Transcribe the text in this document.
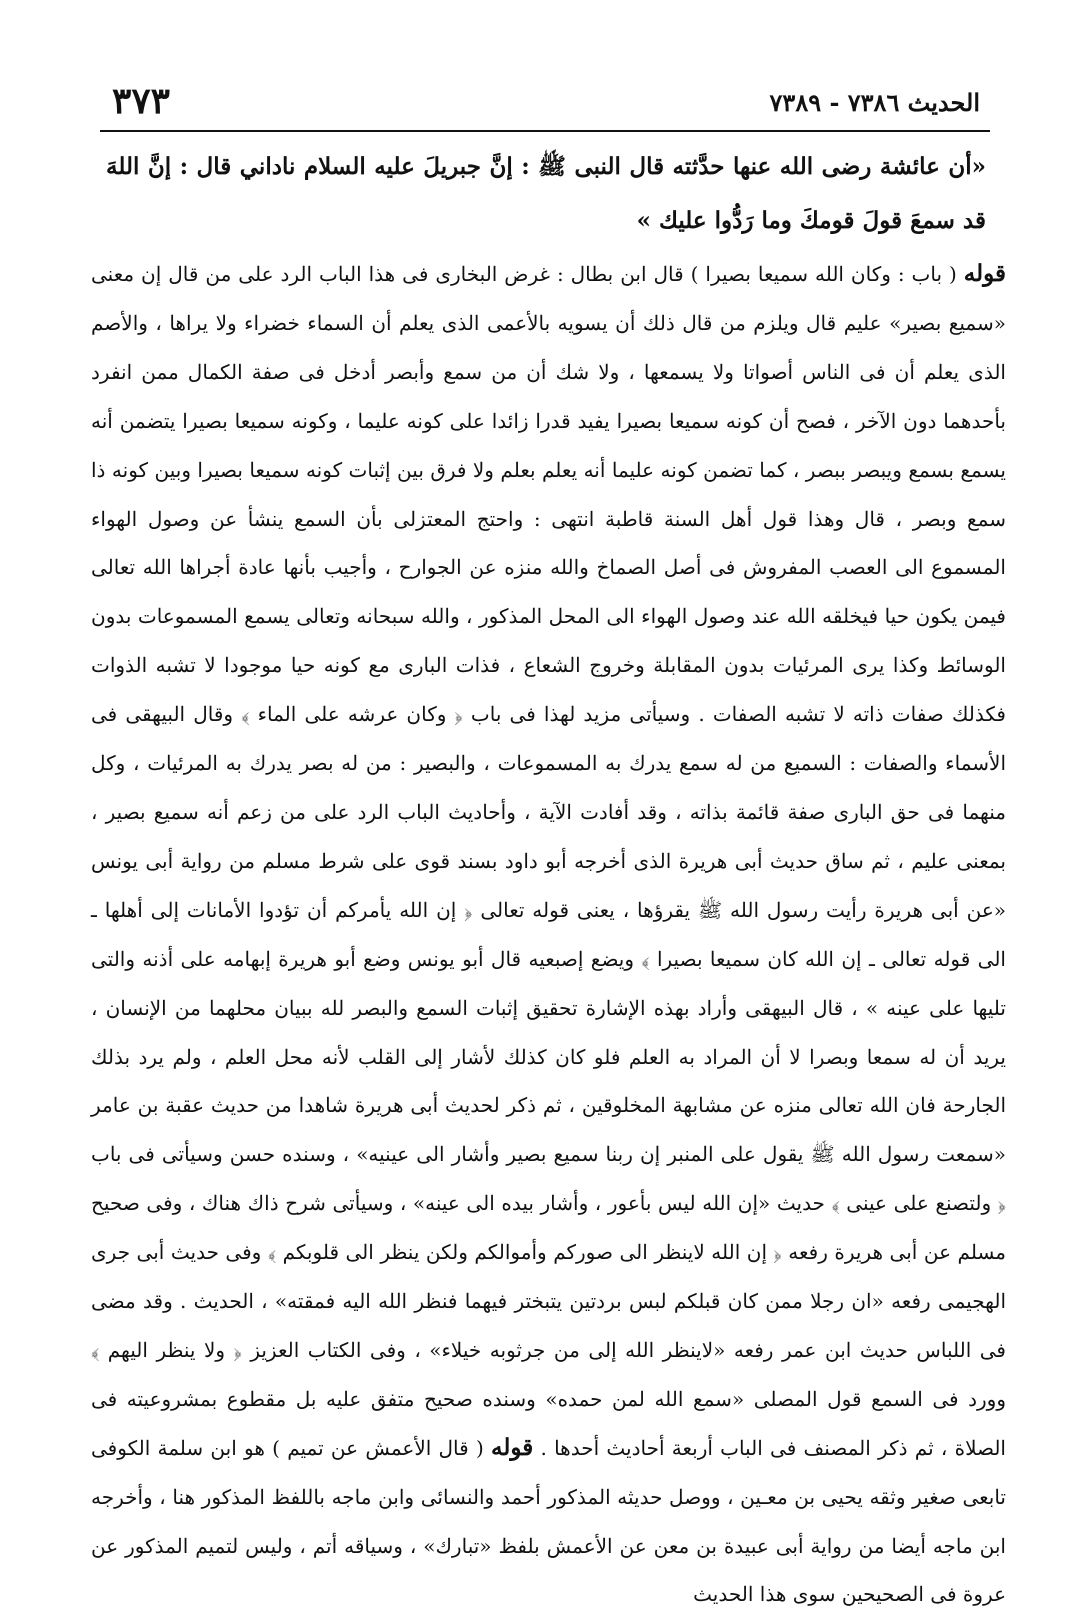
الحديث ٧٣٨٦ - ٧٣٨٩
٣٧٣
«أن عائشة رضى الله عنها حدَّثته قال النبى ﷺ : إنَّ جبريلَ عليه السلام ناداني قال : إنَّ اللهَ قد سمعَ قولَ قومكَ وما رَدُّوا عليك »

قوله ( باب : وكان الله سميعا بصيرا ) قال ابن بطال : غرض البخارى فى هذا الباب الرد على من قال إن معنى «سميع بصير» عليم قال ويلزم من قال ذلك أن يسويه بالأعمى الذى يعلم أن السماء خضراء ولا يراها ، والأصم الذى يعلم أن فى الناس أصواتا ولا يسمعها ، ولا شك أن من سمع وأبصر أدخل فى صفة الكمال ممن انفرد بأحدهما دون الآخر ، فصح أن كونه سميعا بصيرا يفيد قدرا زائدا على كونه عليما ، وكونه سميعا بصيرا يتضمن أنه يسمع بسمع ويبصر ببصر ، كما تضمن كونه عليما أنه يعلم بعلم ولا فرق بين إثبات كونه سميعا بصيرا وبين كونه ذا سمع وبصر ، قال وهذا قول أهل السنة قاطبة انتهى : واحتج المعتزلى بأن السمع ينشأ عن وصول الهواء المسموع الى العصب المفروش فى أصل الصماخ والله منزه عن الجوارح ، وأجيب بأنها عادة أجراها الله تعالى فيمن يكون حيا فيخلقه الله عند وصول الهواء الى المحل المذكور ، والله سبحانه وتعالى يسمع المسموعات بدون الوسائط وكذا يرى المرئيات بدون المقابلة وخروج الشعاع ، فذات البارى مع كونه حيا موجودا لا تشبه الذوات فكذلك صفات ذاته لا تشبه الصفات . وسيأتى مزيد لهذا فى باب ﴿ وكان عرشه على الماء ﴾ وقال البيهقى فى الأسماء والصفات : السميع من له سمع يدرك به المسموعات ، والبصير : من له بصر يدرك به المرئيات ، وكل منهما فى حق البارى صفة قائمة بذاته ، وقد أفادت الآية ، وأحاديث الباب الرد على من زعم أنه سميع بصير ، بمعنى عليم ، ثم ساق حديث أبى هريرة الذى أخرجه أبو داود بسند قوى على شرط مسلم من رواية أبى يونس «عن أبى هريرة رأيت رسول الله ﷺ يقرؤها ، يعنى قوله تعالى ﴿ إن الله يأمركم أن تؤدوا الأمانات إلى أهلها ـ الى قوله تعالى ـ إن الله كان سميعا بصيرا ﴾ ويضع إصبعيه قال أبو يونس وضع أبو هريرة إبهامه على أذنه والتى تليها على عينه » ، قال البيهقى وأراد بهذه الإشارة تحقيق إثبات السمع والبصر لله ببيان محلهما من الإنسان ، يريد أن له سمعا وبصرا لا أن المراد به العلم فلو كان كذلك لأشار إلى القلب لأنه محل العلم ، ولم يرد بذلك الجارحة فان الله تعالى منزه عن مشابهة المخلوقين ، ثم ذكر لحديث أبى هريرة شاهدا من حديث عقبة بن عامر «سمعت رسول الله ﷺ يقول على المنبر إن ربنا سميع بصير وأشار الى عينيه» ، وسنده حسن وسيأتى فى باب ﴿ ولتصنع على عينى ﴾ حديث «إن الله ليس بأعور ، وأشار بيده الى عينه» ، وسيأتى شرح ذاك هناك ، وفى صحيح مسلم عن أبى هريرة رفعه ﴿ إن الله لاينظر الى صوركم وأموالكم ولكن ينظر الى قلوبكم ﴾ وفى حديث أبى جرى الهجيمى رفعه «ان رجلا ممن كان قبلكم لبس بردتين يتبختر فيهما فنظر الله اليه فمقته» ، الحديث . وقد مضى فى اللباس حديث ابن عمر رفعه «لاينظر الله إلى من جرثوبه خيلاء» ، وفى الكتاب العزيز ﴿ ولا ينظر اليهم ﴾ وورد فى السمع قول المصلى «سمع الله لمن حمده» وسنده صحيح متفق عليه بل مقطوع بمشروعيته فى الصلاة ، ثم ذكر المصنف فى الباب أربعة أحاديث أحدها . قوله ( قال الأعمش عن تميم ) هو ابن سلمة الكوفى تابعى صغير وثقه يحيى بن معـين ، ووصل حديثه المذكور أحمد والنسائى وابن ماجه باللفظ المذكور هنا ، وأخرجه ابن ماجه أيضا من رواية أبى عبيدة بن معن عن الأعمش بلفظ «تبارك» ، وسياقه أتم ، وليس لتميم المذكور عن عروة فى الصحيحين سوى هذا الحديث
